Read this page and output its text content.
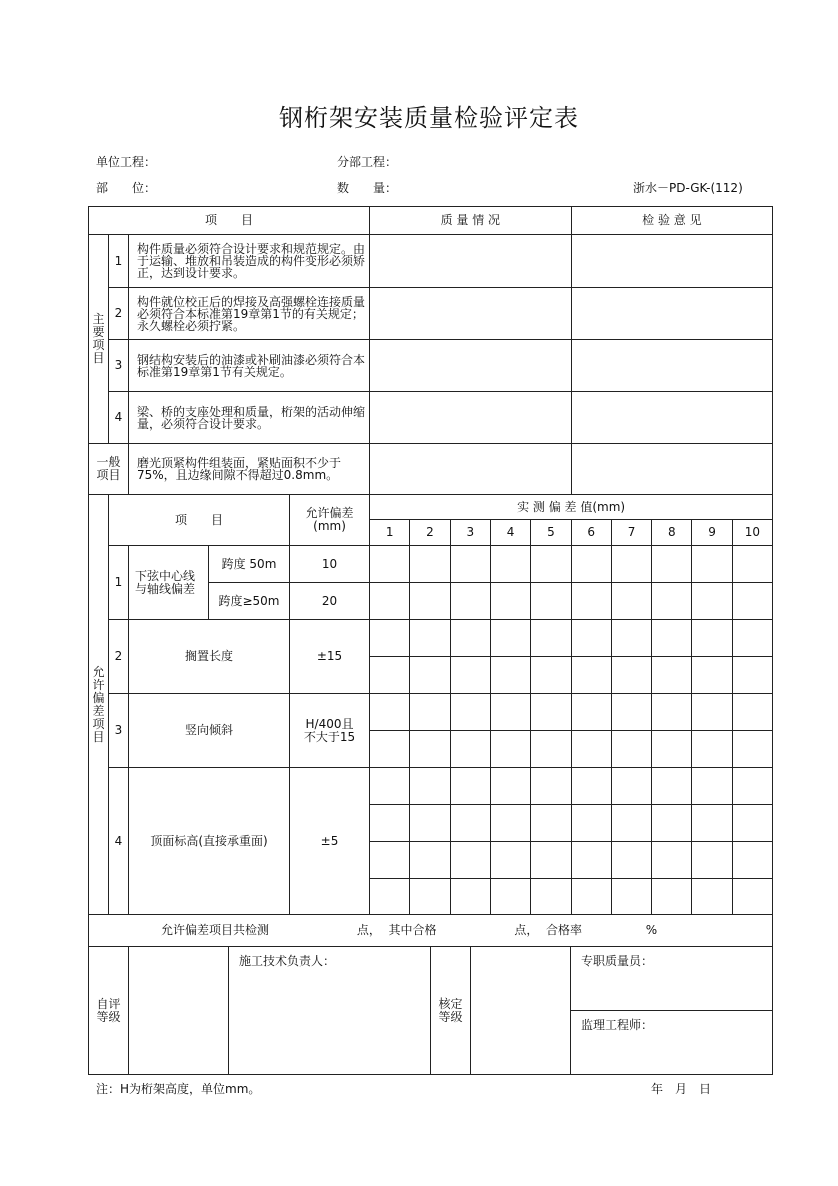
钢桁架安装质量检验评定表
单位工程：	分部工程：
部　　位：	数　　量：	浙水－PD-GK-(112)
项　　目					质 量 情 况					检 验 意 见				
主要项目	1	构件质量必须符合设计要求和规范规定。由于运输、堆放和吊装造成的构件变形必须矫正，达到设计要求。												
	2	构件就位校正后的焊接及高强螺栓连接质量必须符合本标准第19章第1节的有关规定；永久螺栓必须拧紧。												
	3	钢结构安装后的油漆或补刷油漆必须符合本标准第19章第1节有关规定。												
	4	梁、桥的支座处理和质量，桁架的活动伸缩量，必须符合设计要求。												
一般项目		磨光顶紧构件组装面，紧贴面积不少于75%，且边缘间隙不得超过0.8mm。												
允许偏差项目	项　　目			允许偏差(mm)	实 测 偏 差 值(mm)									
					1	2	3	4	5	6	7	8	9	10
	1	下弦中心线与轴线偏差	跨度 50m	10										
			跨度≥50m	20										
	2	搁置长度		±15										

	3	竖向倾斜		H/400且不大于15										

	4	顶面标高(直接承重面)		±5										

允许偏差项目共检测 点，  其中合格 点，  合格率 %														
自评等级		施工技术负责人：	核定等级		专职质量员：
监理工程师：
注：H为桁架高度，单位mm。	年　月　日
